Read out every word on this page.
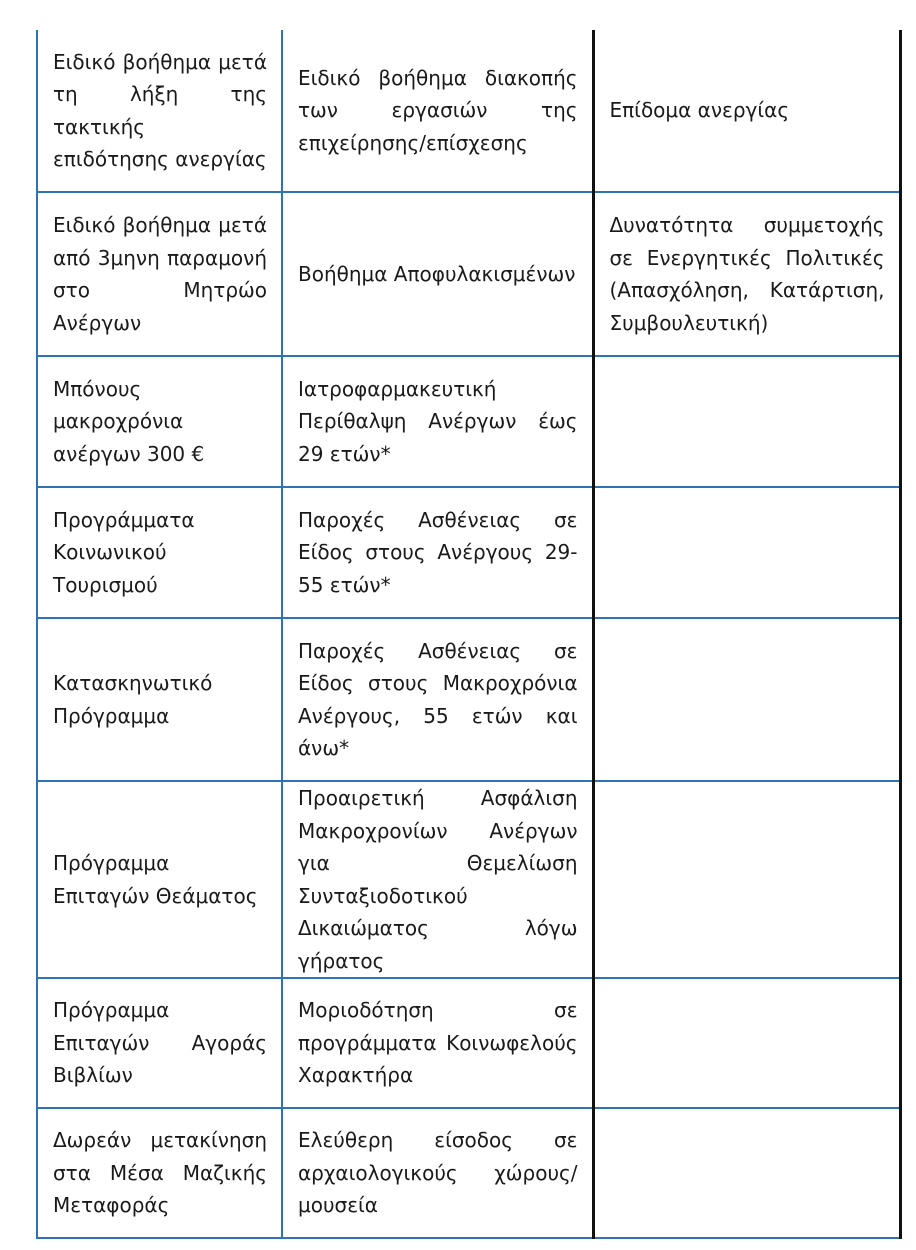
Ειδικό βοήθημα μετά τη λήξη της τακτικής επιδότησης ανεργίας	Ειδικό βοήθημα διακοπής των εργασιών της επιχείρησης/επίσχεσης	Επίδομα ανεργίας
Ειδικό βοήθημα μετά από 3μηνη παραμονή στο Μητρώο Ανέργων	Βοήθημα Αποφυλακισμένων	Δυνατότητα συμμετοχής σε Ενεργητικές Πολιτικές (Απασχόληση, Κατάρτιση, Συμβουλευτική)
Μπόνους μακροχρόνια ανέργων 300 €	Ιατροφαρμακευτική Περίθαλψη Ανέργων έως 29 ετών*	
Προγράμματα Κοινωνικού Τουρισμού	Παροχές Ασθένειας σε Είδος στους Ανέργους 29-55 ετών*	
Κατασκηνωτικό Πρόγραμμα	Παροχές Ασθένειας σε Είδος στους Μακροχρόνια Ανέργους, 55 ετών και άνω*	
Πρόγραμμα Επιταγών Θεάματος	Προαιρετική Ασφάλιση Μακροχρονίων Ανέργων για Θεμελίωση Συνταξιοδοτικού Δικαιώματος λόγω γήρατος	
Πρόγραμμα Επιταγών Αγοράς Βιβλίων	Μοριοδότηση σε προγράμματα Κοινωφελούς Χαρακτήρα	
Δωρεάν μετακίνηση στα Μέσα Μαζικής Μεταφοράς	Ελεύθερη είσοδος σε αρχαιολογικούς χώρους/ μουσεία	
